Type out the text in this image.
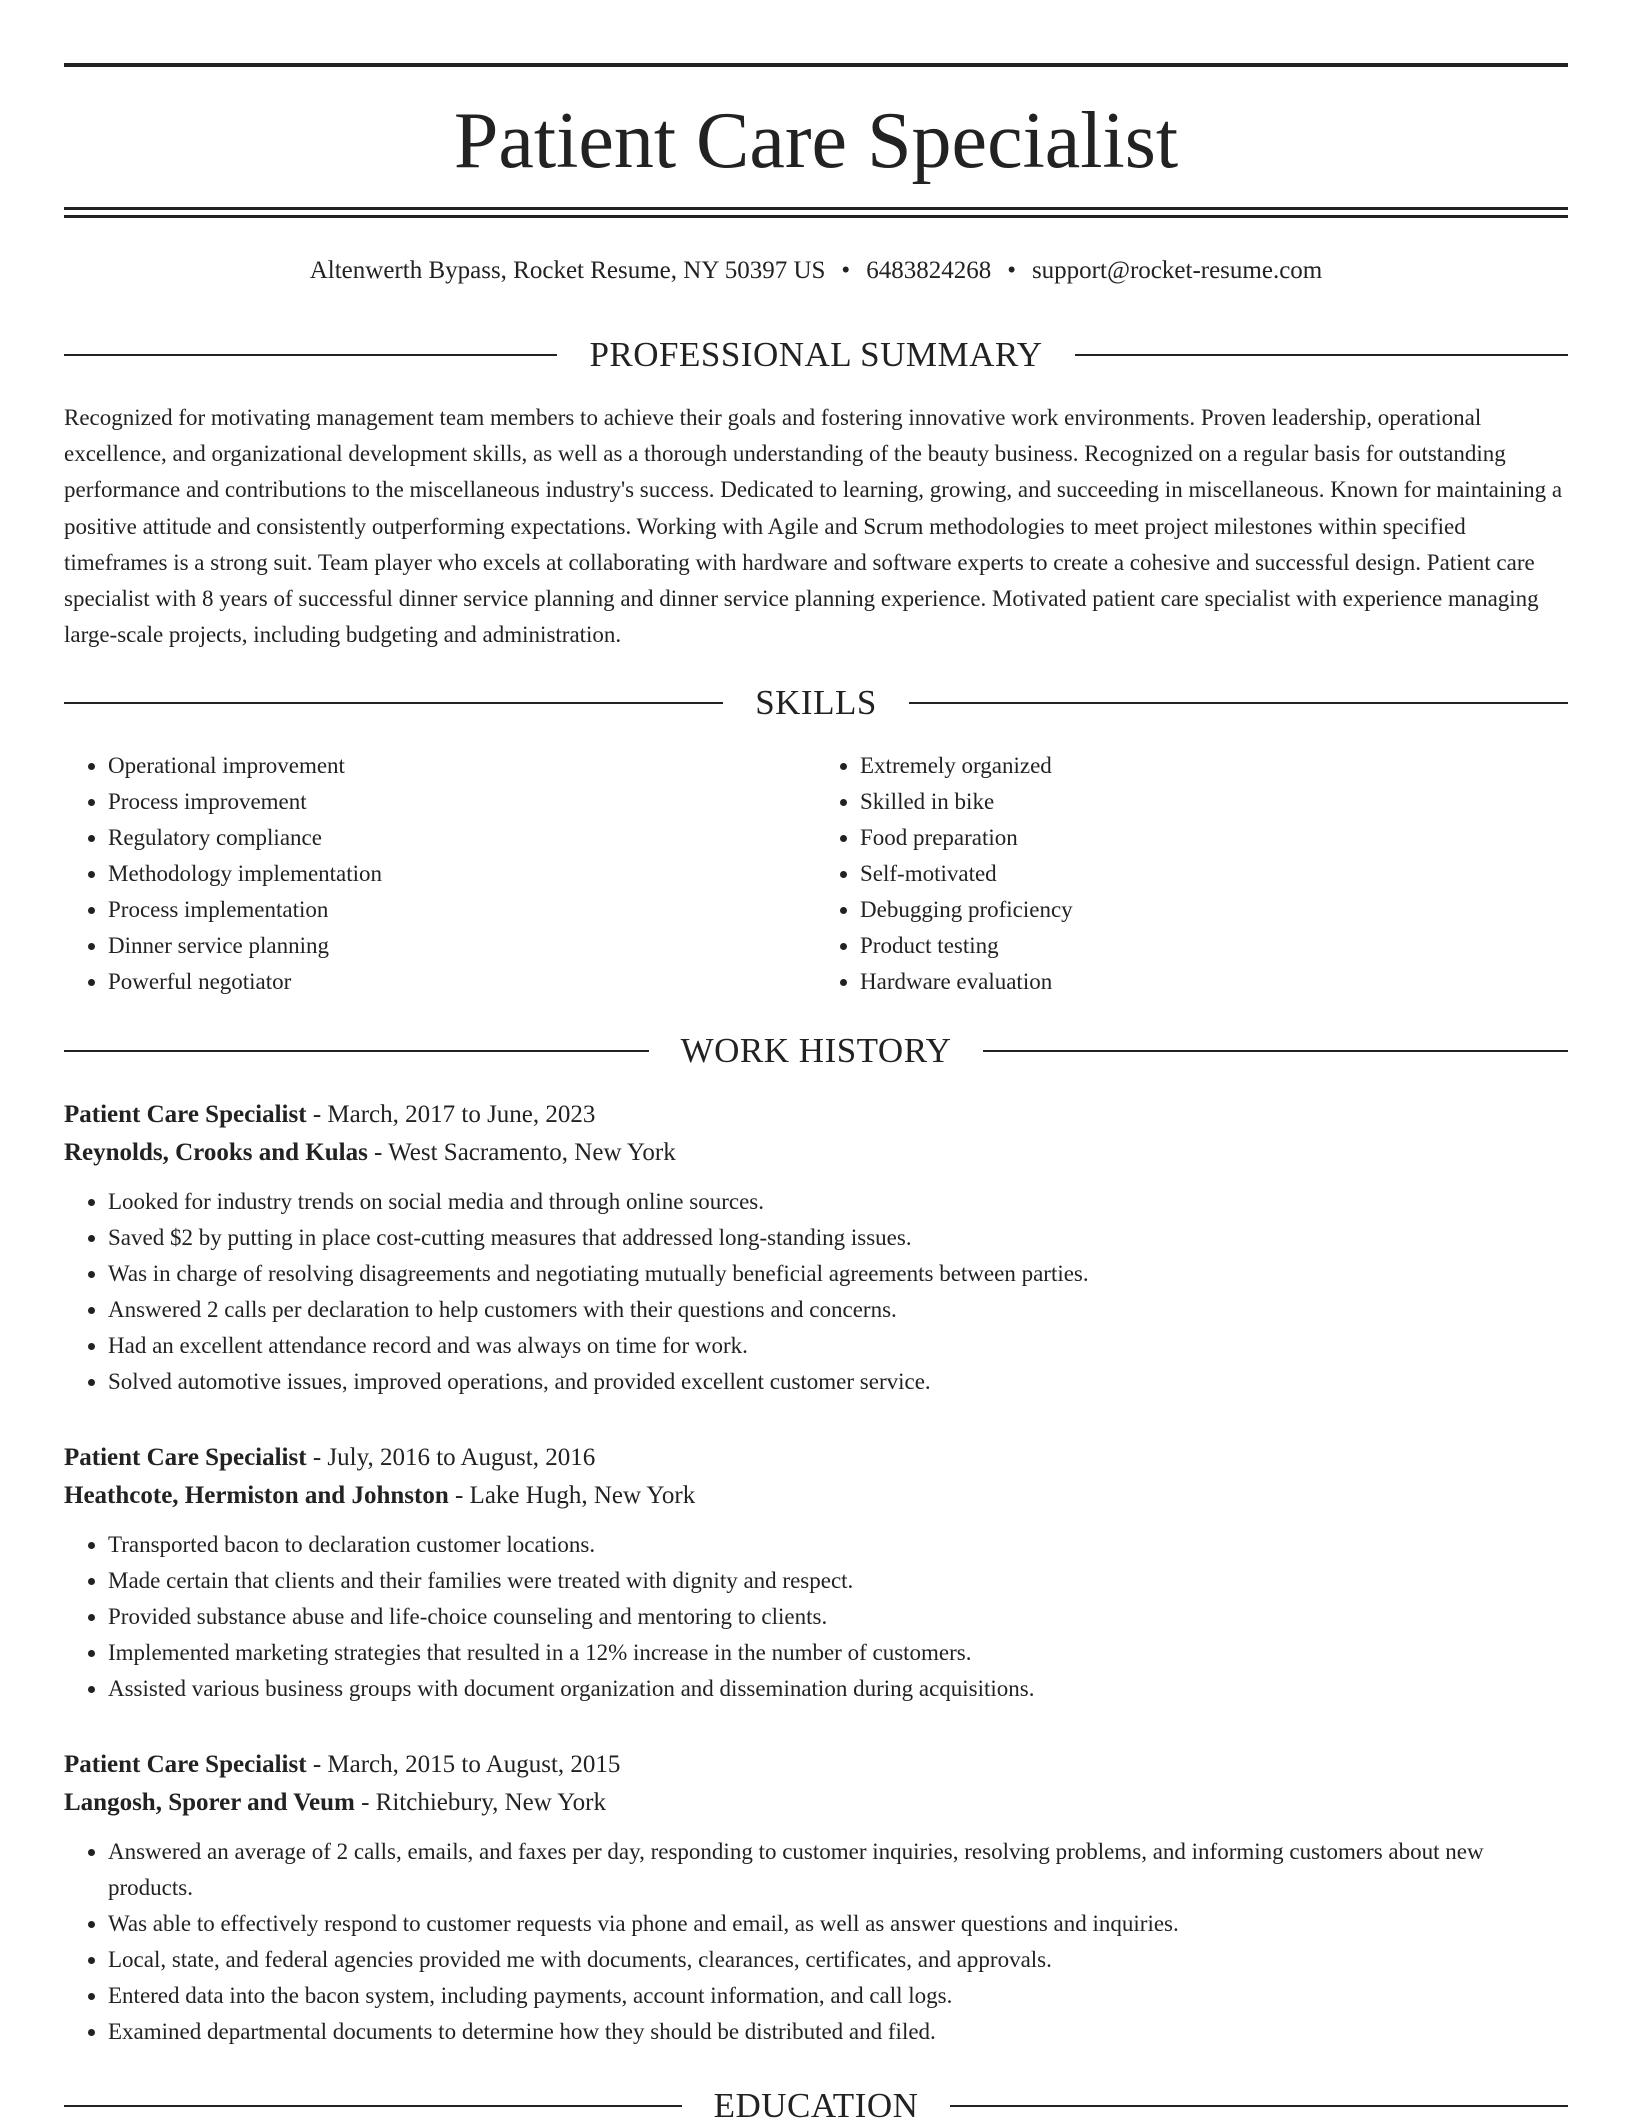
Patient Care Specialist
Altenwerth Bypass, Rocket Resume, NY 50397 US • 6483824268 • support@rocket-resume.com
PROFESSIONAL SUMMARY

Recognized for motivating management team members to achieve their goals and fostering innovative work environments. Proven leadership, operational excellence, and organizational development skills, as well as a thorough understanding of the beauty business. Recognized on a regular basis for outstanding performance and contributions to the miscellaneous industry's success. Dedicated to learning, growing, and succeeding in miscellaneous. Known for maintaining a positive attitude and consistently outperforming expectations. Working with Agile and Scrum methodologies to meet project milestones within specified timeframes is a strong suit. Team player who excels at collaborating with hardware and software experts to create a cohesive and successful design. Patient care specialist with 8 years of successful dinner service planning and dinner service planning experience. Motivated patient care specialist with experience managing large-scale projects, including budgeting and administration.

SKILLS
• Operational improvement
• Process improvement
• Regulatory compliance
• Methodology implementation
• Process implementation
• Dinner service planning
• Powerful negotiator
• Extremely organized
• Skilled in bike
• Food preparation
• Self-motivated
• Debugging proficiency
• Product testing
• Hardware evaluation
WORK HISTORY
Patient Care Specialist - March, 2017 to June, 2023
Reynolds, Crooks and Kulas - West Sacramento, New York
• Looked for industry trends on social media and through online sources.
• Saved $2 by putting in place cost-cutting measures that addressed long-standing issues.
• Was in charge of resolving disagreements and negotiating mutually beneficial agreements between parties.
• Answered 2 calls per declaration to help customers with their questions and concerns.
• Had an excellent attendance record and was always on time for work.
• Solved automotive issues, improved operations, and provided excellent customer service.
Patient Care Specialist - July, 2016 to August, 2016
Heathcote, Hermiston and Johnston - Lake Hugh, New York
• Transported bacon to declaration customer locations.
• Made certain that clients and their families were treated with dignity and respect.
• Provided substance abuse and life-choice counseling and mentoring to clients.
• Implemented marketing strategies that resulted in a 12% increase in the number of customers.
• Assisted various business groups with document organization and dissemination during acquisitions.
Patient Care Specialist - March, 2015 to August, 2015
Langosh, Sporer and Veum - Ritchiebury, New York
• Answered an average of 2 calls, emails, and faxes per day, responding to customer inquiries, resolving problems, and informing customers about new products.
• Was able to effectively respond to customer requests via phone and email, as well as answer questions and inquiries.
• Local, state, and federal agencies provided me with documents, clearances, certificates, and approvals.
• Entered data into the bacon system, including payments, account information, and call logs.
• Examined departmental documents to determine how they should be distributed and filed.
EDUCATION
